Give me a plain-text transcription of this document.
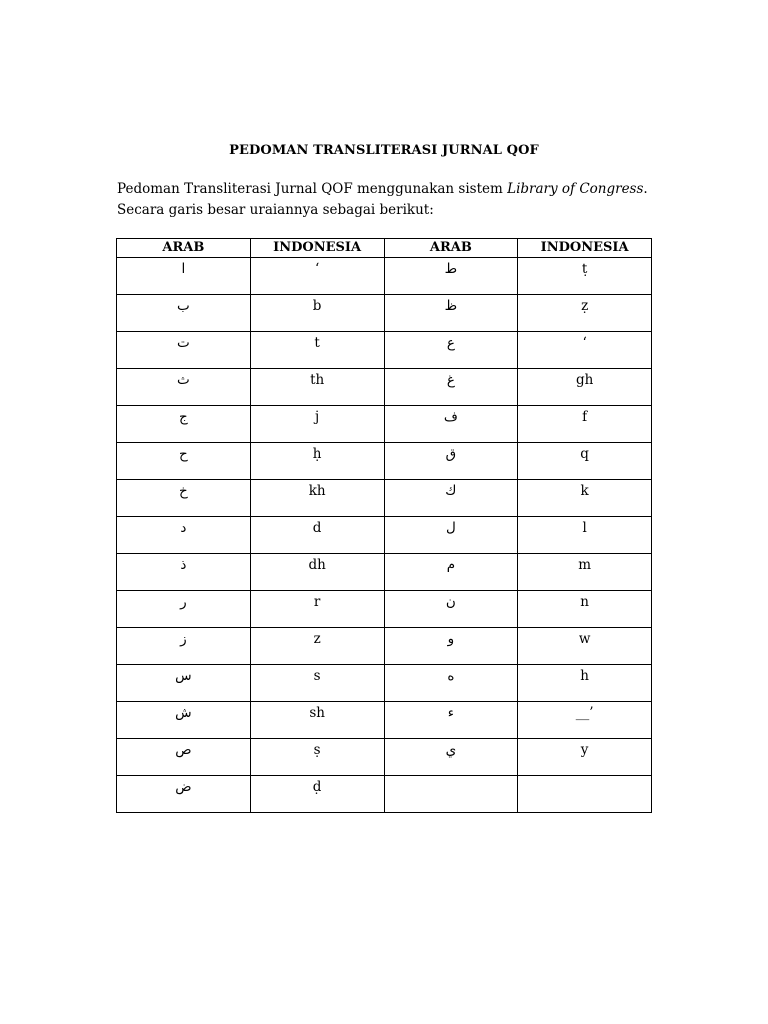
PEDOMAN TRANSLITERASI JURNAL QOF
Pedoman Transliterasi Jurnal QOF menggunakan sistem Library of Congress. Secara garis besar uraiannya sebagai berikut:
ARAB	INDONESIA	ARAB	INDONESIA
ا	‘	ط	ṭ
ب	b	ظ	ẓ
ت	t	ع	‘
ث	th	غ	gh
ج	j	ف	f
ح	ḥ	ق	q
خ	kh	ك	k
د	d	ل	l
ذ	dh	م	m
ر	r	ن	n
ز	z	و	w
س	s	ه	h
ش	sh	ء	__’
ص	ṣ	ي	y
ض	ḍ		
